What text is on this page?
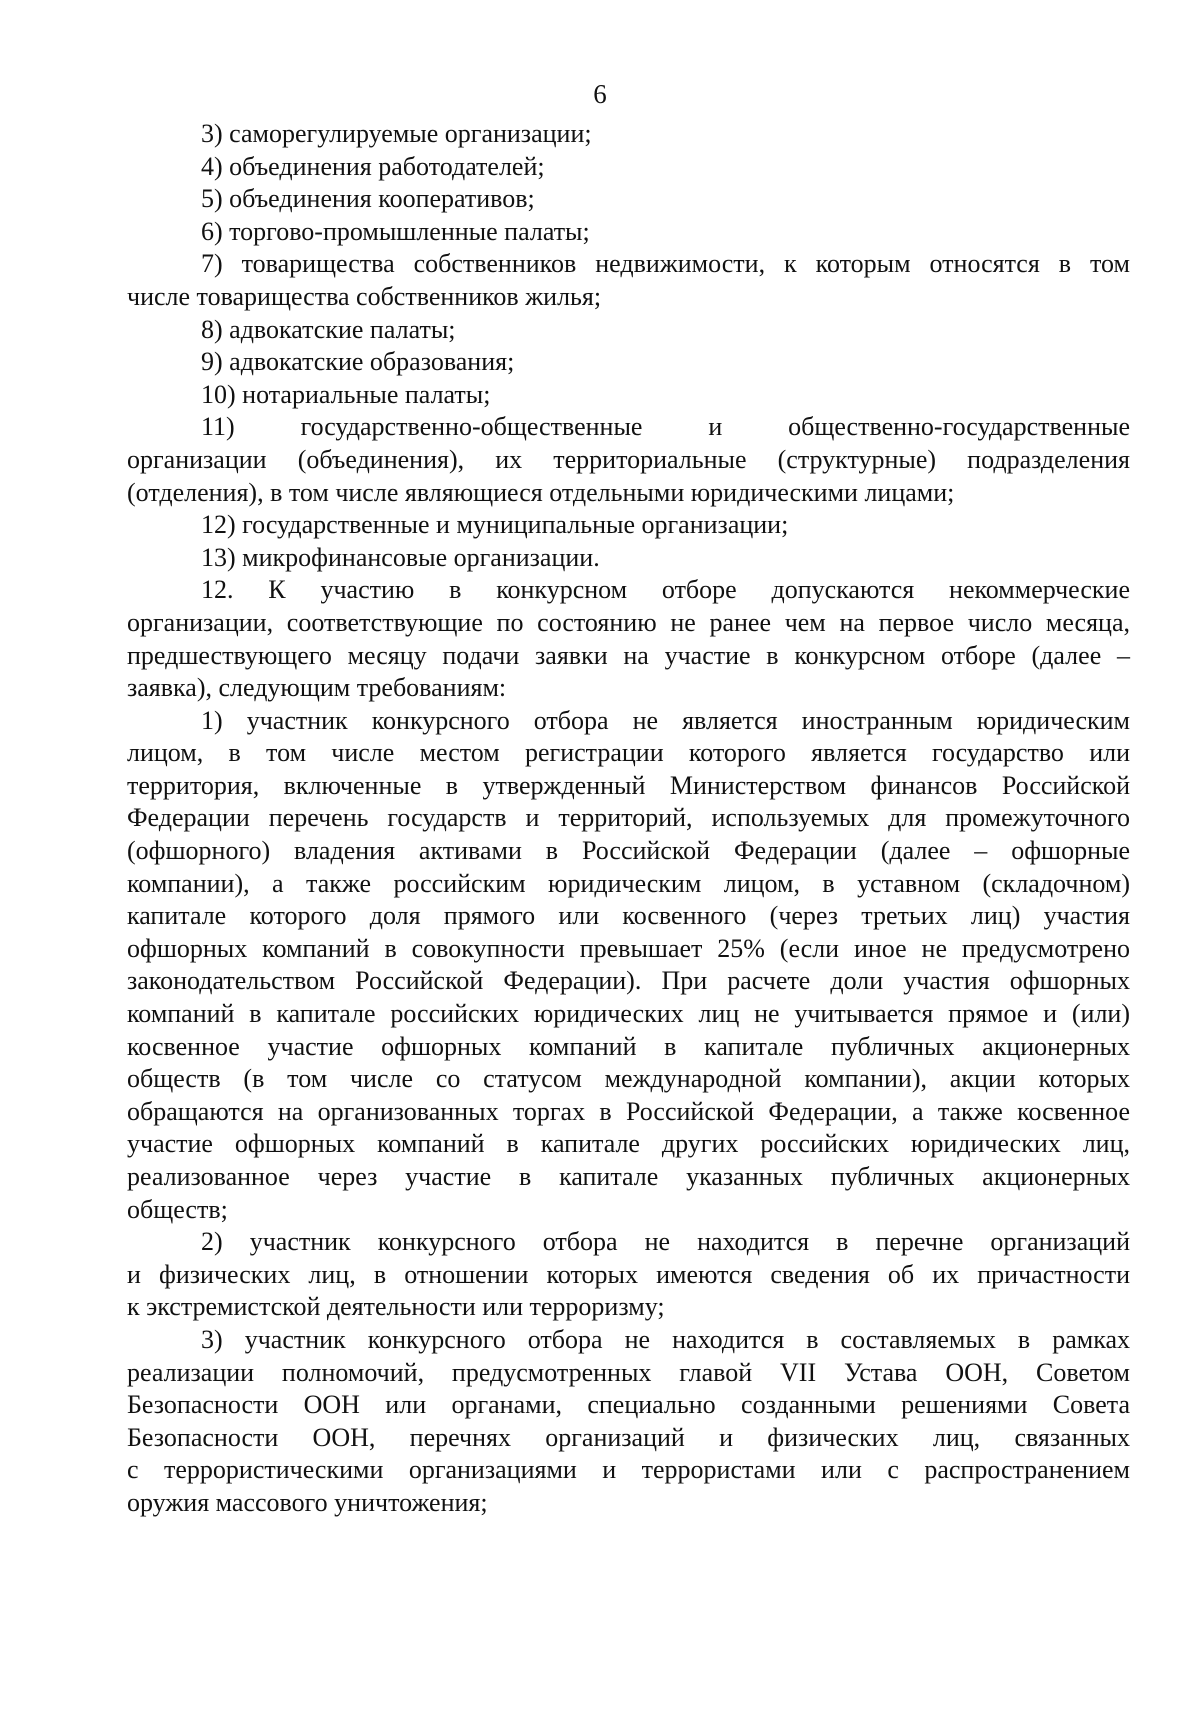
6
3) саморегулируемые организации;
4) объединения работодателей;
5) объединения кооперативов;
6) торгово-промышленные палаты;
7) товарищества собственников недвижимости, к которым относятся в том
числе товарищества собственников жилья;
8) адвокатские палаты;
9) адвокатские образования;
10) нотариальные палаты;
11) государственно-общественные и общественно-государственные
организации (объединения), их территориальные (структурные) подразделения
(отделения), в том числе являющиеся отдельными юридическими лицами;
12) государственные и муниципальные организации;
13) микрофинансовые организации.
12. К участию в конкурсном отборе допускаются некоммерческие
организации, соответствующие по состоянию не ранее чем на первое число месяца,
предшествующего месяцу подачи заявки на участие в конкурсном отборе (далее –
заявка), следующим требованиям:
1) участник конкурсного отбора не является иностранным юридическим
лицом, в том числе местом регистрации которого является государство или
территория, включенные в утвержденный Министерством финансов Российской
Федерации перечень государств и территорий, используемых для промежуточного
(офшорного) владения активами в Российской Федерации (далее – офшорные
компании), а также российским юридическим лицом, в уставном (складочном)
капитале которого доля прямого или косвенного (через третьих лиц) участия
офшорных компаний в совокупности превышает 25% (если иное не предусмотрено
законодательством Российской Федерации). При расчете доли участия офшорных
компаний в капитале российских юридических лиц не учитывается прямое и (или)
косвенное участие офшорных компаний в капитале публичных акционерных
обществ (в том числе со статусом международной компании), акции которых
обращаются на организованных торгах в Российской Федерации, а также косвенное
участие офшорных компаний в капитале других российских юридических лиц,
реализованное через участие в капитале указанных публичных акционерных
обществ;
2) участник конкурсного отбора не находится в перечне организаций
и физических лиц, в отношении которых имеются сведения об их причастности
к экстремистской деятельности или терроризму;
3) участник конкурсного отбора не находится в составляемых в рамках
реализации полномочий, предусмотренных главой VII Устава ООН, Советом
Безопасности ООН или органами, специально созданными решениями Совета
Безопасности ООН, перечнях организаций и физических лиц, связанных
с террористическими организациями и террористами или с распространением
оружия массового уничтожения;
